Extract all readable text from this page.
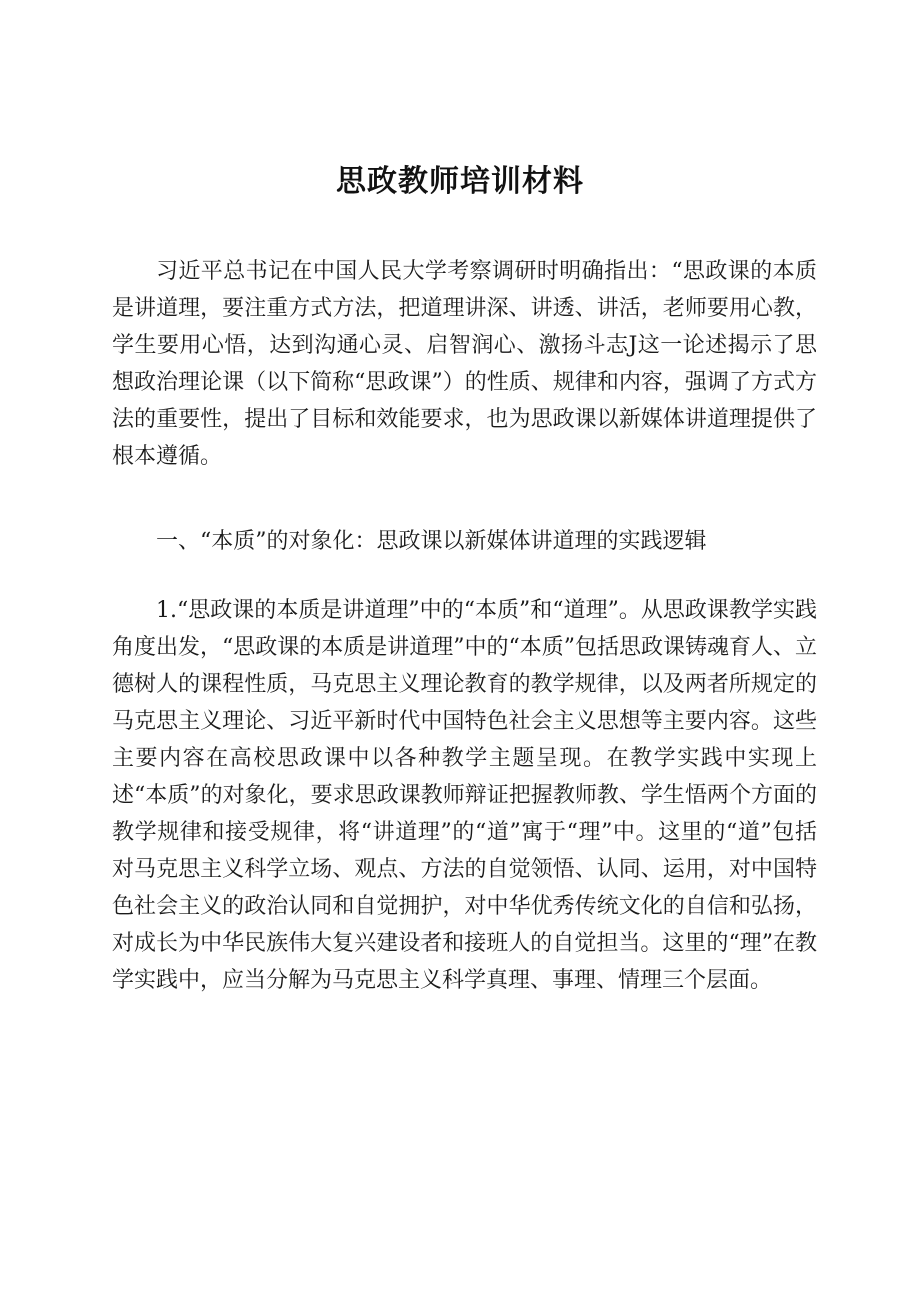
思政教师培训材料

习近平总书记在中国人民大学考察调研时明确指出：“思政课的本质是讲道理，要注重方式方法，把道理讲深、讲透、讲活，老师要用心教，学生要用心悟，达到沟通心灵、启智润心、激扬斗志J这一论述揭示了思想政治理论课（以下简称“思政课”）的性质、规律和内容，强调了方式方法的重要性，提出了目标和效能要求，也为思政课以新媒体讲道理提供了根本遵循。

一、“本质”的对象化：思政课以新媒体讲道理的实践逻辑

1.“思政课的本质是讲道理”中的“本质”和“道理”。从思政课教学实践角度出发，“思政课的本质是讲道理”中的“本质”包括思政课铸魂育人、立德树人的课程性质，马克思主义理论教育的教学规律，以及两者所规定的马克思主义理论、习近平新时代中国特色社会主义思想等主要内容。这些主要内容在高校思政课中以各种教学主题呈现。在教学实践中实现上述“本质”的对象化，要求思政课教师辩证把握教师教、学生悟两个方面的教学规律和接受规律，将“讲道理”的“道”寓于“理”中。这里的“道”包括对马克思主义科学立场、观点、方法的自觉领悟、认同、运用，对中国特色社会主义的政治认同和自觉拥护，对中华优秀传统文化的自信和弘扬，对成长为中华民族伟大复兴建设者和接班人的自觉担当。这里的“理”在教学实践中，应当分解为马克思主义科学真理、事理、情理三个层面。
